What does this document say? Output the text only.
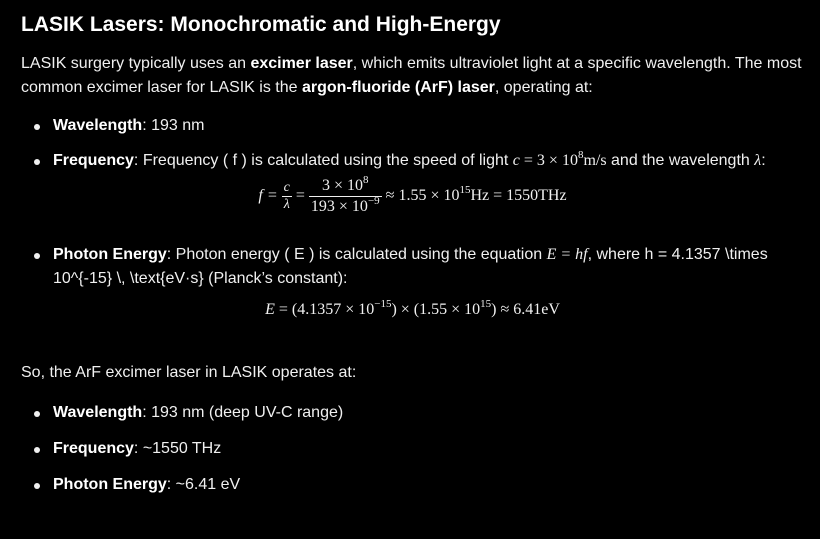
LASIK Lasers: Monochromatic and High-Energy

LASIK surgery typically uses an excimer laser, which emits ultraviolet light at a specific wavelength. The most common excimer laser for LASIK is the argon-fluoride (ArF) laser, operating at:

Wavelength: 193 nm
Frequency: Frequency ( f ) is calculated using the speed of light $c = 3 \times 10^8m/s$ and the wavelength λ:
$f = \frac{c}{\lambda} = \frac{3 \times 10^8}{193 \times 10^{-9}} \approx 1.55 \times 10^{15}Hz = 1550THz$
Photon Energy: Photon energy ( E ) is calculated using the equation E = hf, where h = 4.1357 \times 10^{-15} \, \text{eV·s} (Planck’s constant):
$E = (4.1357 \times 10^{-15}) \times (1.55 \times 10^{15}) \approx 6.41eV$

So, the ArF excimer laser in LASIK operates at:

Wavelength: 193 nm (deep UV-C range)
Frequency: ~1550 THz
Photon Energy: ~6.41 eV
